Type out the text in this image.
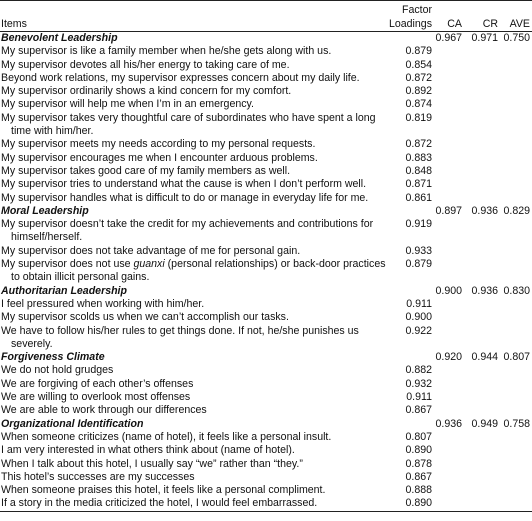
Items
Factor
Loadings	CA	CR	AVE
Benevolent Leadership	0.967 0.971 0.750
My supervisor is like a family member when he/she gets along with us.	0.879
My supervisor devotes all his/her energy to taking care of me.	0.854
Beyond work relations, my supervisor expresses concern about my daily life.	0.872
My supervisor ordinarily shows a kind concern for my comfort.	0.892
My supervisor will help me when I’m in an emergency.	0.874
My supervisor takes very thoughtful care of subordinates who have spent a long time with him/her.
0.819
My supervisor meets my needs according to my personal requests.	0.872
My supervisor encourages me when I encounter arduous problems.	0.883
My supervisor takes good care of my family members as well.	0.848
My supervisor tries to understand what the cause is when I don’t perform well.	0.871
My supervisor handles what is difficult to do or manage in everyday life for me.	0.861
Moral Leadership	0.897 0.936 0.829
My supervisor doesn’t take the credit for my achievements and contributions for himself/herself.
0.919
My supervisor does not take advantage of me for personal gain.	0.933
My supervisor does not use guanxi (personal relationships) or back-door practices to obtain illicit personal gains.
0.879
Authoritarian Leadership	0.900 0.936 0.830
I feel pressured when working with him/her.	0.911
My supervisor scolds us when we can’t accomplish our tasks.	0.900
We have to follow his/her rules to get things done. If not, he/she punishes us severely.
0.922
Forgiveness Climate	0.920 0.944 0.807
We do not hold grudges	0.882
We are forgiving of each other’s offenses	0.932
We are willing to overlook most offenses	0.911
We are able to work through our differences	0.867
Organizational Identification	0.936 0.949 0.758
When someone criticizes (name of hotel), it feels like a personal insult.	0.807
I am very interested in what others think about (name of hotel).	0.890
When I talk about this hotel, I usually say “we” rather than “they.”	0.878
This hotel’s successes are my successes	0.867
When someone praises this hotel, it feels like a personal compliment.	0.888
If a story in the media criticized the hotel, I would feel embarrassed.	0.890
